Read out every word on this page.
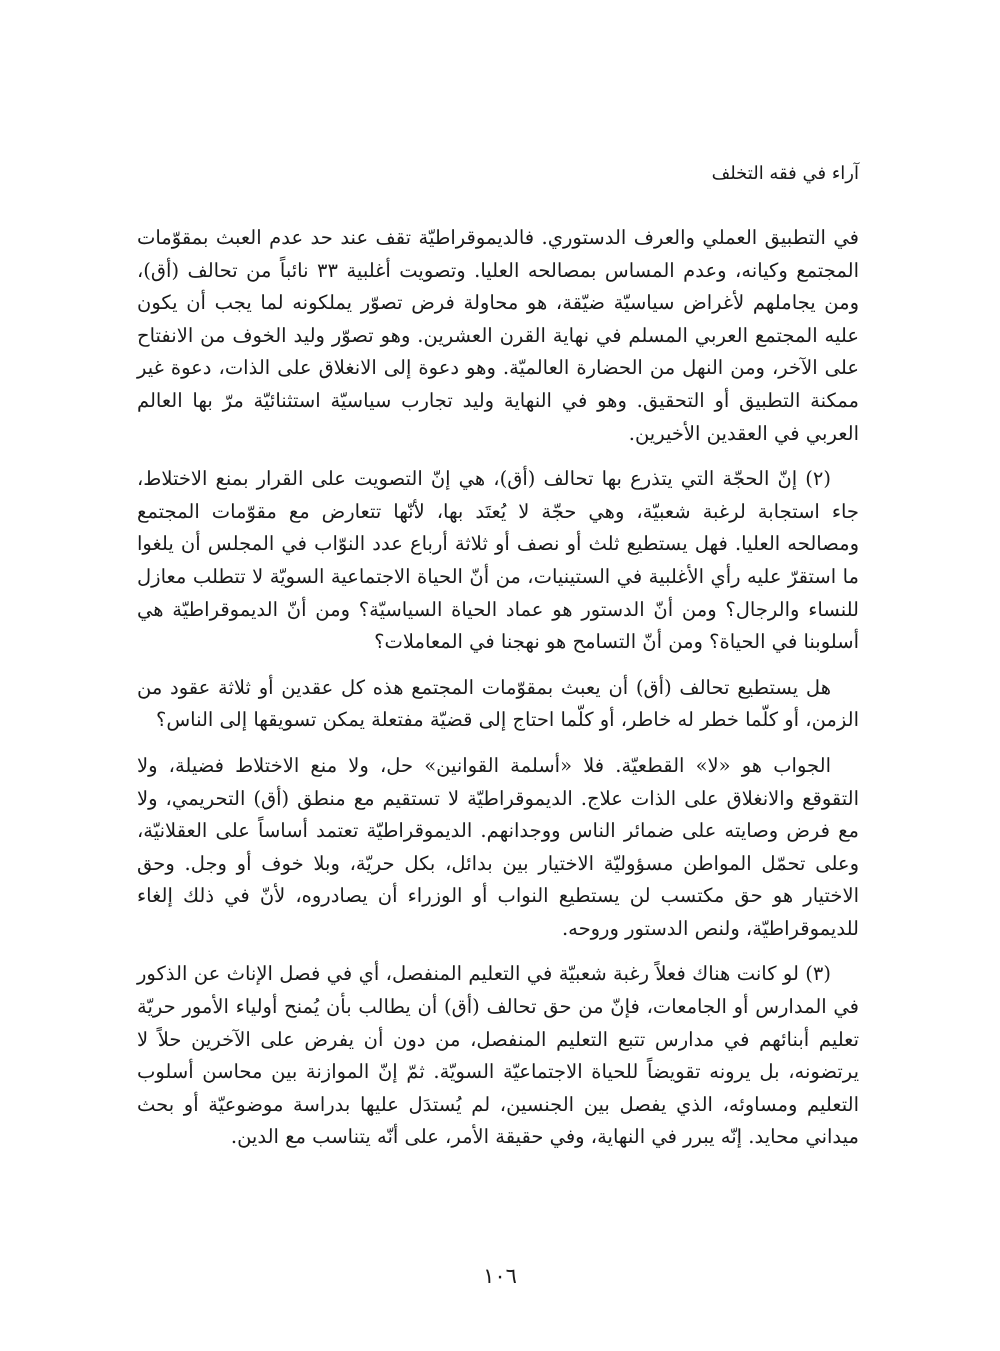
آراء في فقه التخلف

في التطبيق العملي والعرف الدستوري. فالديموقراطيّة تقف عند حد عدم العبث بمقوّمات المجتمع وكيانه، وعدم المساس بمصالحه العليا. وتصويت أغلبية ٣٣ نائباً من تحالف (أق)، ومن يجاملهم لأغراض سياسيّة ضيّقة، هو محاولة فرض تصوّر يملكونه لما يجب أن يكون عليه المجتمع العربي المسلم في نهاية القرن العشرين. وهو تصوّر وليد الخوف من الانفتاح على الآخر، ومن النهل من الحضارة العالميّة. وهو دعوة إلى الانغلاق على الذات، دعوة غير ممكنة التطبيق أو التحقيق. وهو في النهاية وليد تجارب سياسيّة استثنائيّة مرّ بها العالم العربي في العقدين الأخيرين.

(٢) إنّ الحجّة التي يتذرع بها تحالف (أق)، هي إنّ التصويت على القرار بمنع الاختلاط، جاء استجابة لرغبة شعبيّة، وهي حجّة لا يُعتَد بها، لأنّها تتعارض مع مقوّمات المجتمع ومصالحه العليا. فهل يستطيع ثلث أو نصف أو ثلاثة أرباع عدد النوّاب في المجلس أن يلغوا ما استقرّ عليه رأي الأغلبية في الستينيات، من أنّ الحياة الاجتماعية السويّة لا تتطلب معازل للنساء والرجال؟ ومن أنّ الدستور هو عماد الحياة السياسيّة؟ ومن أنّ الديموقراطيّة هي أسلوبنا في الحياة؟ ومن أنّ التسامح هو نهجنا في المعاملات؟

هل يستطيع تحالف (أق) أن يعبث بمقوّمات المجتمع هذه كل عقدين أو ثلاثة عقود من الزمن، أو كلّما خطر له خاطر، أو كلّما احتاج إلى قضيّة مفتعلة يمكن تسويقها إلى الناس؟

الجواب هو «لا» القطعيّة. فلا «أسلمة القوانين» حل، ولا منع الاختلاط فضيلة، ولا التقوقع والانغلاق على الذات علاج. الديموقراطيّة لا تستقيم مع منطق (أق) التحريمي، ولا مع فرض وصايته على ضمائر الناس ووجدانهم. الديموقراطيّة تعتمد أساساً على العقلانيّة، وعلى تحمّل المواطن مسؤوليّة الاختيار بين بدائل، بكل حريّة، وبلا خوف أو وجل. وحق الاختيار هو حق مكتسب لن يستطيع النواب أو الوزراء أن يصادروه، لأنّ في ذلك إلغاء للديموقراطيّة، ولنص الدستور وروحه.

(٣) لو كانت هناك فعلاً رغبة شعبيّة في التعليم المنفصل، أي في فصل الإناث عن الذكور في المدارس أو الجامعات، فإنّ من حق تحالف (أق) أن يطالب بأن يُمنح أولياء الأمور حريّة تعليم أبنائهم في مدارس تتبع التعليم المنفصل، من دون أن يفرض على الآخرين حلاً لا يرتضونه، بل يرونه تقويضاً للحياة الاجتماعيّة السويّة. ثمّ إنّ الموازنة بين محاسن أسلوب التعليم ومساوئه، الذي يفصل بين الجنسين، لم يُستدَل عليها بدراسة موضوعيّة أو بحث ميداني محايد. إنّه يبرر في النهاية، وفي حقيقة الأمر، على أنّه يتناسب مع الدين.

١٠٦
